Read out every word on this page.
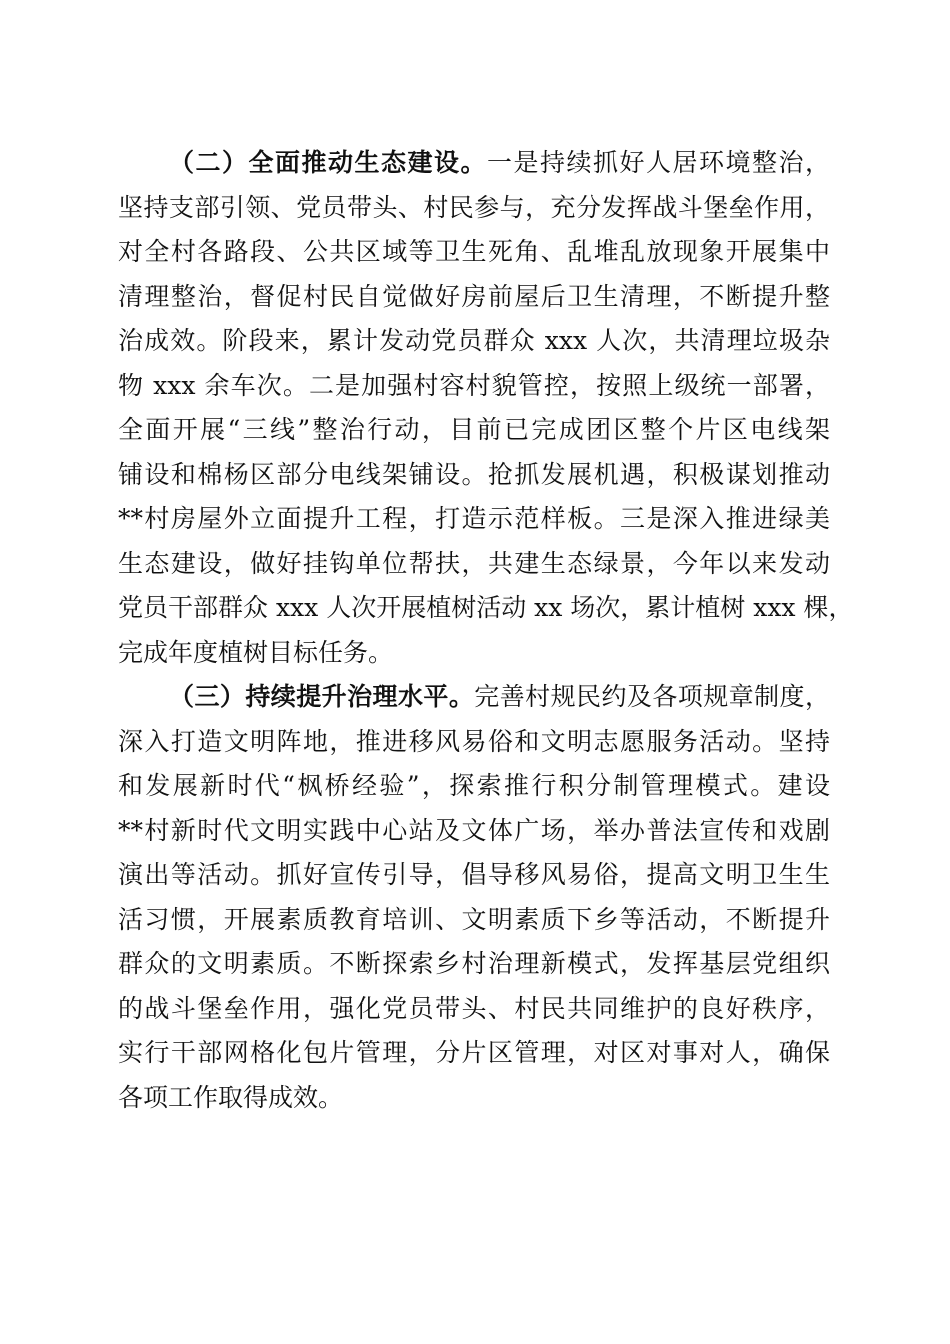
（二）全面推动生态建设。一是持续抓好人居环境整治，
坚持支部引领、党员带头、村民参与，充分发挥战斗堡垒作用，
对全村各路段、公共区域等卫生死角、乱堆乱放现象开展集中
清理整治，督促村民自觉做好房前屋后卫生清理，不断提升整
治成效。阶段来，累计发动党员群众 xxx 人次，共清理垃圾杂
物 xxx 余车次。二是加强村容村貌管控，按照上级统一部署，
全面开展“三线”整治行动，目前已完成团区整个片区电线架
铺设和棉杨区部分电线架铺设。抢抓发展机遇，积极谋划推动
**村房屋外立面提升工程，打造示范样板。三是深入推进绿美
生态建设，做好挂钩单位帮扶，共建生态绿景，今年以来发动
党员干部群众 xxx 人次开展植树活动 xx 场次，累计植树 xxx 棵，
完成年度植树目标任务。
（三）持续提升治理水平。完善村规民约及各项规章制度，
深入打造文明阵地，推进移风易俗和文明志愿服务活动。坚持
和发展新时代“枫桥经验”，探索推行积分制管理模式。建设
**村新时代文明实践中心站及文体广场，举办普法宣传和戏剧
演出等活动。抓好宣传引导，倡导移风易俗，提高文明卫生生
活习惯，开展素质教育培训、文明素质下乡等活动，不断提升
群众的文明素质。不断探索乡村治理新模式，发挥基层党组织
的战斗堡垒作用，强化党员带头、村民共同维护的良好秩序，
实行干部网格化包片管理，分片区管理，对区对事对人，确保
各项工作取得成效。
